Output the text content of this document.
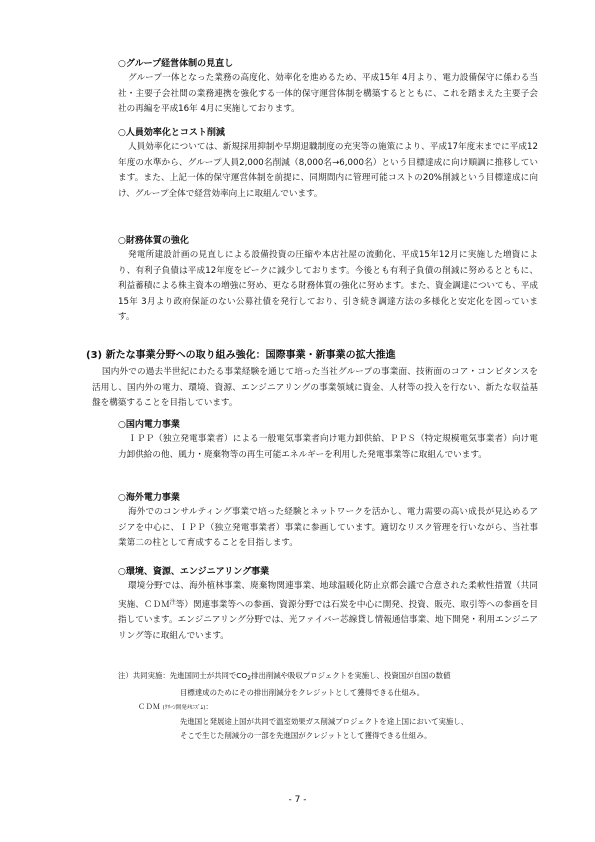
○グループ経営体制の見直し

グループ一体となった業務の高度化、効率化を進めるため、平成15年 4月より、電力設備保守に係わる当社・主要子会社間の業務連携を強化する一体的保守運営体制を構築するとともに、これを踏まえた主要子会社の再編を平成16年 4月に実施しております。

○人員効率化とコスト削減

人員効率化については、新規採用抑制や早期退職制度の充実等の施策により、平成17年度末までに平成12年度の水準から、グループ人員2,000名削減（8,000名→6,000名）という目標達成に向け順調に推移しています。また、上記一体的保守運営体制を前提に、同期間内に管理可能コストの20%削減という目標達成に向け、グループ全体で経営効率向上に取組んでいます。

○財務体質の強化

発電所建設計画の見直しによる設備投資の圧縮や本店社屋の流動化、平成15年12月に実施した増資により、有利子負債は平成12年度をピークに減少しております。今後とも有利子負債の削減に努めるとともに、利益蓄積による株主資本の増強に努め、更なる財務体質の強化に努めます。また、資金調達についても、平成15年 3月より政府保証のない公募社債を発行しており、引き続き調達方法の多様化と安定化を図っています。

(3) 新たな事業分野への取り組み強化：国際事業・新事業の拡大推進

国内外での過去半世紀にわたる事業経験を通じて培った当社グループの事業面、技術面のコア・コンピタンスを活用し、国内外の電力、環境、資源、エンジニアリングの事業領域に資金、人材等の投入を行ない、新たな収益基盤を構築することを目指しています。

○国内電力事業

ＩＰＰ（独立発電事業者）による一般電気事業者向け電力卸供給、ＰＰＳ（特定規模電気事業者）向け電力卸供給の他、風力・廃棄物等の再生可能エネルギーを利用した発電事業等に取組んでいます。

○海外電力事業

海外でのコンサルティング事業で培った経験とネットワークを活かし、電力需要の高い成長が見込めるアジアを中心に、ＩＰＰ（独立発電事業者）事業に参画しています。適切なリスク管理を行いながら、当社事業第二の柱として育成することを目指します。

○環境、資源、エンジニアリング事業

環境分野では、海外植林事業、廃棄物関連事業、地球温暖化防止京都会議で合意された柔軟性措置（共同実施、ＣＤＭ$^注$等）関連事業等への参画、資源分野では石炭を中心に開発、投資、販売、取引等への参画を目指しています。エンジニアリング分野では、光ファイバー芯線貸し情報通信事業、地下開発・利用エンジニアリング等に取組んでいます。

注）共同実施：先進国同士が共同で$CO_2$排出削減や吸収プロジェクトを実施し、投資国が自国の数値
目標達成のためにその排出削減分をクレジットとして獲得できる仕組み。
ＣＤＭ (ｸﾘｰﾝ開発ﾒｶﾆｽﾞﾑ)：
先進国と発展途上国が共同で温室効果ガス削減プロジェクトを途上国において実施し、
そこで生じた削減分の一部を先進国がクレジットとして獲得できる仕組み。
- 7 -
